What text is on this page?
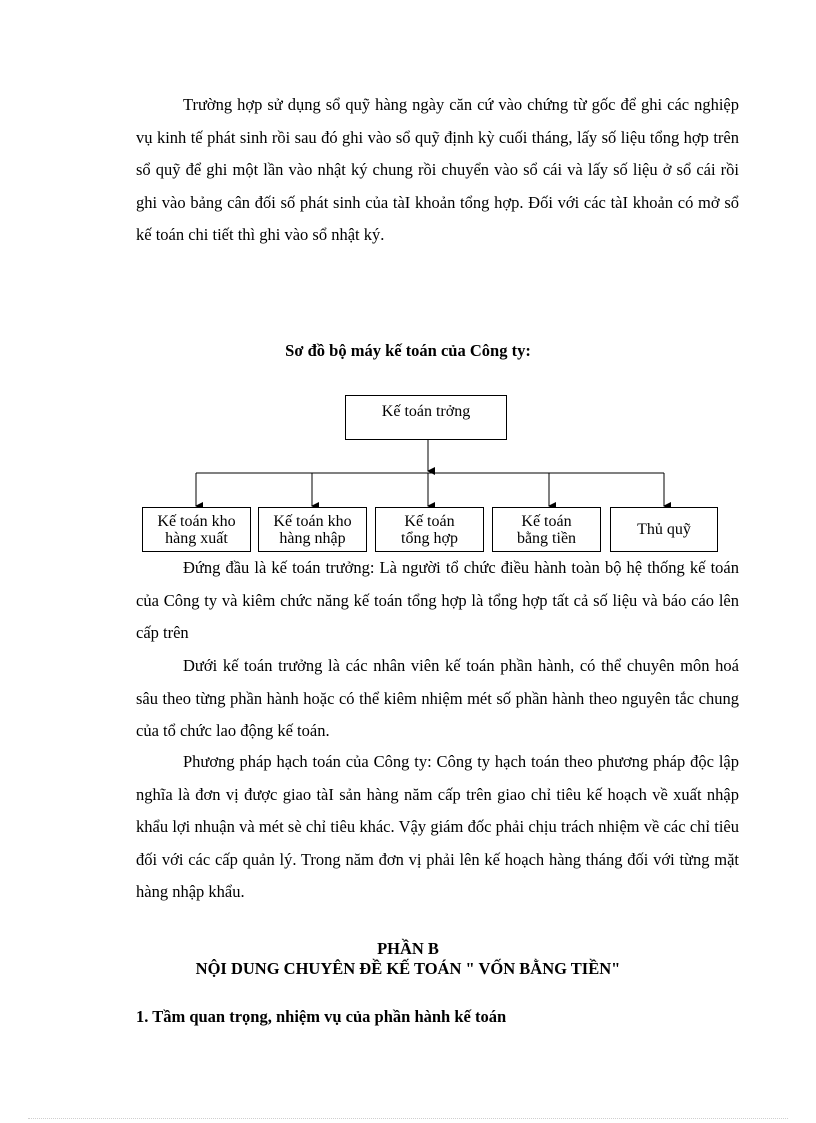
Trường hợp sử dụng sổ quỹ hàng ngày căn cứ vào chứng từ gốc để ghi các nghiệp vụ kinh tế phát sinh rồi sau đó ghi vào sổ quỹ định kỳ cuối tháng, lấy số liệu tổng hợp trên sổ quỹ để ghi một lần vào nhật ký chung rồi chuyển vào sổ cái và lấy số liệu ở sổ cái rồi ghi vào bảng cân đối số phát sinh của tàI khoản tổng hợp. Đối với các tàI khoản có mở sổ kế toán chi tiết thì ghi vào sổ nhật ký.

Sơ đồ bộ máy kế toán của Công ty:

Kế toán trởng
Kế toán kho
hàng xuất
Kế toán kho
hàng nhập
Kế toán
tổng hợp
Kế toán
bằng tiền	Thủ quỹ

Đứng đầu là kế toán trưởng: Là người tổ chức điều hành toàn bộ hệ thống kế toán của Công ty và kiêm chức năng kế toán tổng hợp là tổng hợp tất cả số liệu và báo cáo lên cấp trên

Dưới kế toán trưởng là các nhân viên kế toán phần hành, có thể chuyên môn hoá sâu theo từng phần hành hoặc có thể kiêm nhiệm mét số phần hành theo nguyên tắc chung của tổ chức lao động kế toán.

Phương pháp hạch toán của Công ty: Công ty hạch toán theo phương pháp độc lập nghĩa là đơn vị được giao tàI sản hàng năm cấp trên giao chỉ tiêu kế hoạch về xuất nhập khẩu lợi nhuận và mét sè chỉ tiêu khác. Vậy giám đốc phải chịu trách nhiệm về các chỉ tiêu đối với các cấp quản lý. Trong năm đơn vị phải lên kế hoạch hàng tháng đối với từng mặt hàng nhập khẩu.

PHẦN B

NỘI DUNG CHUYÊN ĐỀ KẾ TOÁN " VỐN BẰNG TIỀN"

1. Tầm quan trọng, nhiệm vụ của phần hành kế toán
